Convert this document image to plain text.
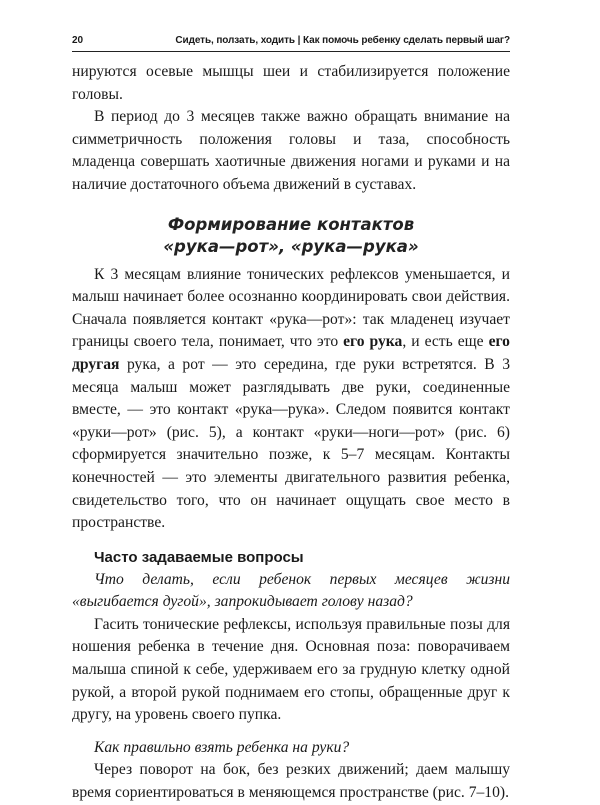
20	Сидеть, ползать, ходить | Как помочь ребенку сделать первый шаг?

нируются осевые мышцы шеи и стабилизируется положение головы.

В период до 3 месяцев также важно обращать внимание на симметричность положения головы и таза, способность младенца совершать хаотичные движения ногами и руками и на наличие достаточного объема движений в суставах.

Формирование контактов
«рука—рот», «рука—рука»

К 3 месяцам влияние тонических рефлексов уменьшается, и малыш начинает более осознанно координировать свои действия. Сначала появляется контакт «рука—рот»: так младенец изучает границы своего тела, понимает, что это его рука, и есть еще его другая рука, а рот — это середина, где руки встретятся. В 3 месяца малыш может разглядывать две руки, соединенные вместе, — это контакт «рука—рука». Следом появится контакт «руки—рот» (рис. 5), а контакт «руки—ноги—рот» (рис. 6) сформируется значительно позже, к 5–7 месяцам. Контакты конечностей — это элементы двигательного развития ребенка, свидетельство того, что он начинает ощущать свое место в пространстве.

Часто задаваемые вопросы

Что делать, если ребенок первых месяцев жизни «выгибается дугой», запрокидывает голову назад?

Гасить тонические рефлексы, используя правильные позы для ношения ребенка в течение дня. Основная поза: поворачиваем малыша спиной к себе, удерживаем его за грудную клетку одной рукой, а второй рукой поднимаем его стопы, обращенные друг к другу, на уровень своего пупка.

Как правильно взять ребенка на руки?

Через поворот на бок, без резких движений; даем малышу время сориентироваться в меняющемся пространстве (рис. 7–10).
